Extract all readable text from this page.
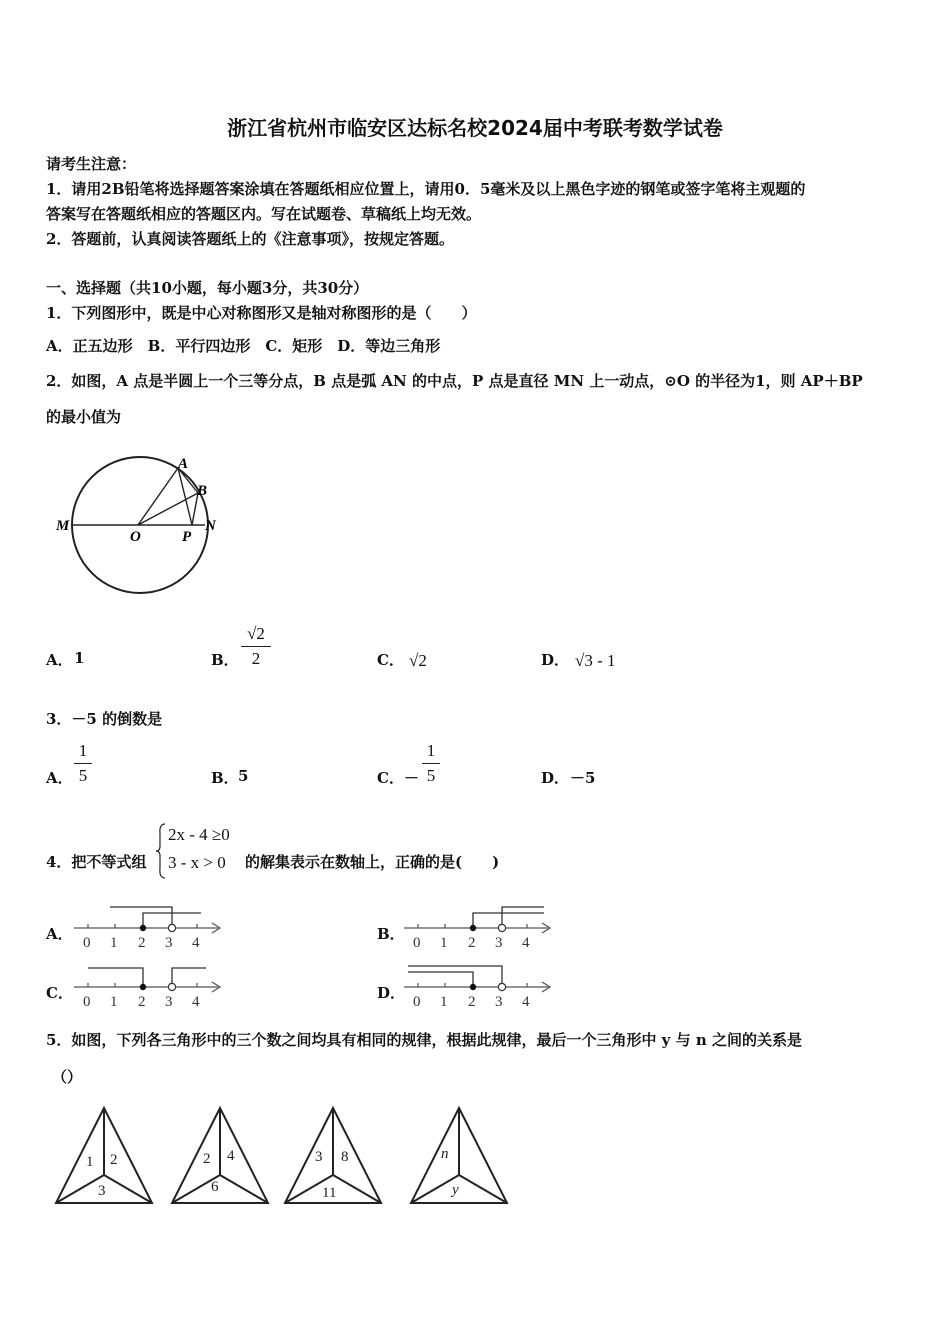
浙江省杭州市临安区达标名校2024届中考联考数学试卷
请考生注意：
1．请用2B铅笔将选择题答案涂填在答题纸相应位置上，请用0．5毫米及以上黑色字迹的钢笔或签字笔将主观题的
答案写在答题纸相应的答题区内。写在试题卷、草稿纸上均无效。
2．答题前，认真阅读答题纸上的《注意事项》，按规定答题。
一、选择题（共10小题，每小题3分，共30分）
1．下列图形中，既是中心对称图形又是轴对称图形的是（　　）
A．正五边形　B．平行四边形　C．矩形　D．等边三角形
2．如图，A 点是半圆上一个三等分点，B 点是弧 AN 的中点，P 点是直径 MN 上一动点，⊙O 的半径为1，则 AP＋BP
的最小值为
M
O	P
N
A
B
A． 1	B．
√2
2	C． √2	D． √3 - 1
3．－5 的倒数是
A．
1
5	B． 5	C． －
1
5	D． －5
4．把不等式组
2x - 4 ≥0
3 - x > 0 的解集表示在数轴上，正确的是(　　)
A．	B．
C．	D．
0 1 2 3 4	0 1 2 3 4
0 1 2 3 4	0 1 2 3 4
5．如图，下列各三角形中的三个数之间均具有相同的规律，根据此规律，最后一个三角形中 y 与 n 之间的关系是
（）
1 2
3
2 4
6
3 8
11
n
y
